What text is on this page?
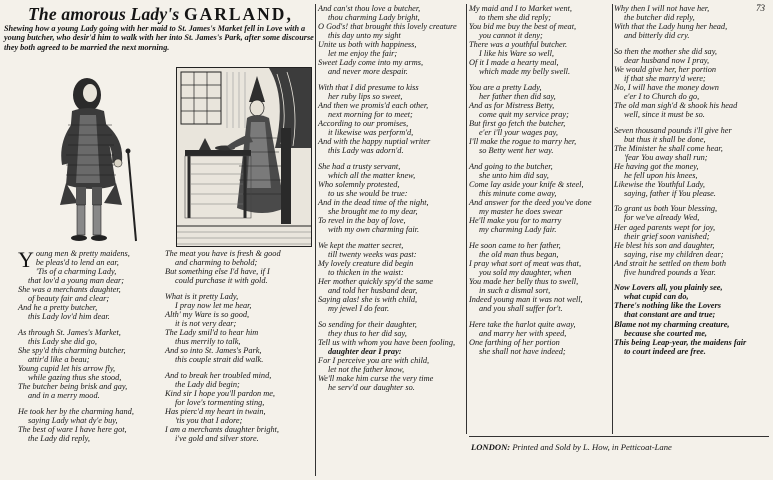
73
The amorous Lady's GARLAND,
Shewing how a young Lady going with her maid to St. James's Market fell in Love with a young butcher, who desir'd him to walk with her into St. James's Park, after some discourse they both agreed to be married the next morning.
Young men & pretty maidens,
be pleas'd to lend an ear,
'Tis of a charming Lady,
that lov'd a young man dear;
She was a merchants daughter,
of beauty fair and clear;
And he a pretty butcher,
this Lady lov'd him dear.
As through St. James's Market,
this Lady she did go,
She spy'd this charming butcher,
attir'd like a beau;
Young cupid let his arrow fly,
while gazing thus she stood,
The butcher being brisk and gay,
and in a merry mood.
He took her by the charming hand,
saying Lady what dy'e buy,
The best of ware I have here got,
the Lady did reply,
The meat you have is fresh & good
and charming to behold;
But something else I'd have, if I
could purchase it with gold.
What is it pretty Lady,
I pray now let me hear,
Alth' my Ware is so good,
it is not very dear;
The Lady smil'd to hear him
thus merrily to talk,
And so into St. James's Park,
this couple strait did walk.
And to break her troubled mind,
the Lady did begin;
Kind sir I hope you'll pardon me,
for love's tormenting sting,
Has pierc'd my heart in twain,
'tis you that I adore;
I am a merchants daughter bright,
i've gold and silver store.
And can'st thou love a butcher,
thou charming Lady bright,
O God's! that brought this lovely creature
this day unto my sight
Unite us both with happiness,
let me enjoy the fair;
Sweet Lady come into my arms,
and never more despair.
With that I did presume to kiss
her ruby lips so sweet,
And then we promis'd each other,
next morning for to meet;
According to our promises,
it likewise was perform'd,
And with the happy nuptial writer
this Lady was adorn'd.
She had a trusty servant,
which all the matter knew,
Who solemnly protested,
to us she would be true:
And in the dead time of the night,
she brought me to my dear,
To revel in the bay of love,
with my own charming fair.
We kept the matter secret,
till twenty weeks was past:
My lovely creature did begin
to thicken in the waist:
Her mother quickly spy'd the same
and told her husband dear,
Saying alas! she is with child,
my jewel I do fear.
So sending for their daughter,
they thus to her did say,
Tell us with whom you have been fooling,
daughter dear I pray:
For I perceive you are with child,
let not the father know,
We'll make him curse the very time
he serv'd our daughter so.
My maid and I to Market went,
to them she did reply;
You bid me buy the best of meat,
you cannot it deny;
There was a youthful butcher.
I like his Ware so well,
Of it I made a hearty meal,
which made my belly swell.
You are a pretty Lady,
her father then did say,
And as for Mistress Betty,
come quit my service pray;
But first go fetch the butcher,
e'er i'll your wages pay,
I'll make the rogue to marry her,
so Betty went her way.
And going to the butcher,
she unto him did say,
Come lay aside your knife & steel,
this minute come away,
And answer for the deed you've done
my master he does swear
He'll make you for to marry
my charming Lady fair.
He soon came to her father,
the old man thus began,
I pray what sort of meat was that,
you sold my daughter, when
You made her belly thus to swell,
in such a dismal sort,
Indeed young man it was not well,
and you shall suffer for't.
Here take the harlot quite away,
and marry her with speed,
One farthing of her portion
she shall not have indeed;
Why then I will not have her,
the butcher did reply,
With that the Lady hung her head,
and bitterly did cry.
So then the mother she did say,
dear husband now I pray,
We would give her, her portion
if that she marry'd were;
No, I will have the money down
e'er I to Church do go,
The old man sigh'd & shook his head
well, since it must be so.
Seven thousand pounds i'll give her
but thus it shall be done,
The Minister he shall come hear,
'fear You away shall run;
He having got the money,
he fell upon his knees,
Likewise the Youthful Lady,
saying, father if You please.
To grant us both Your blessing,
for we've already Wed,
Her aged parents wept for joy,
their grief soon vanished;
He blest his son and daughter,
saying, rise my children dear;
And strait he settled on them both
five hundred pounds a Year.
Now Lovers all, you plainly see,
what cupid can do,
There's nothing like the Lovers
that constant are and true;
Blame not my charming creature,
because she courted me,
This being Leap-year, the maidens fair
to court indeed are free.
LONDON: Printed and Sold by L. How, in Petticoat-Lane
